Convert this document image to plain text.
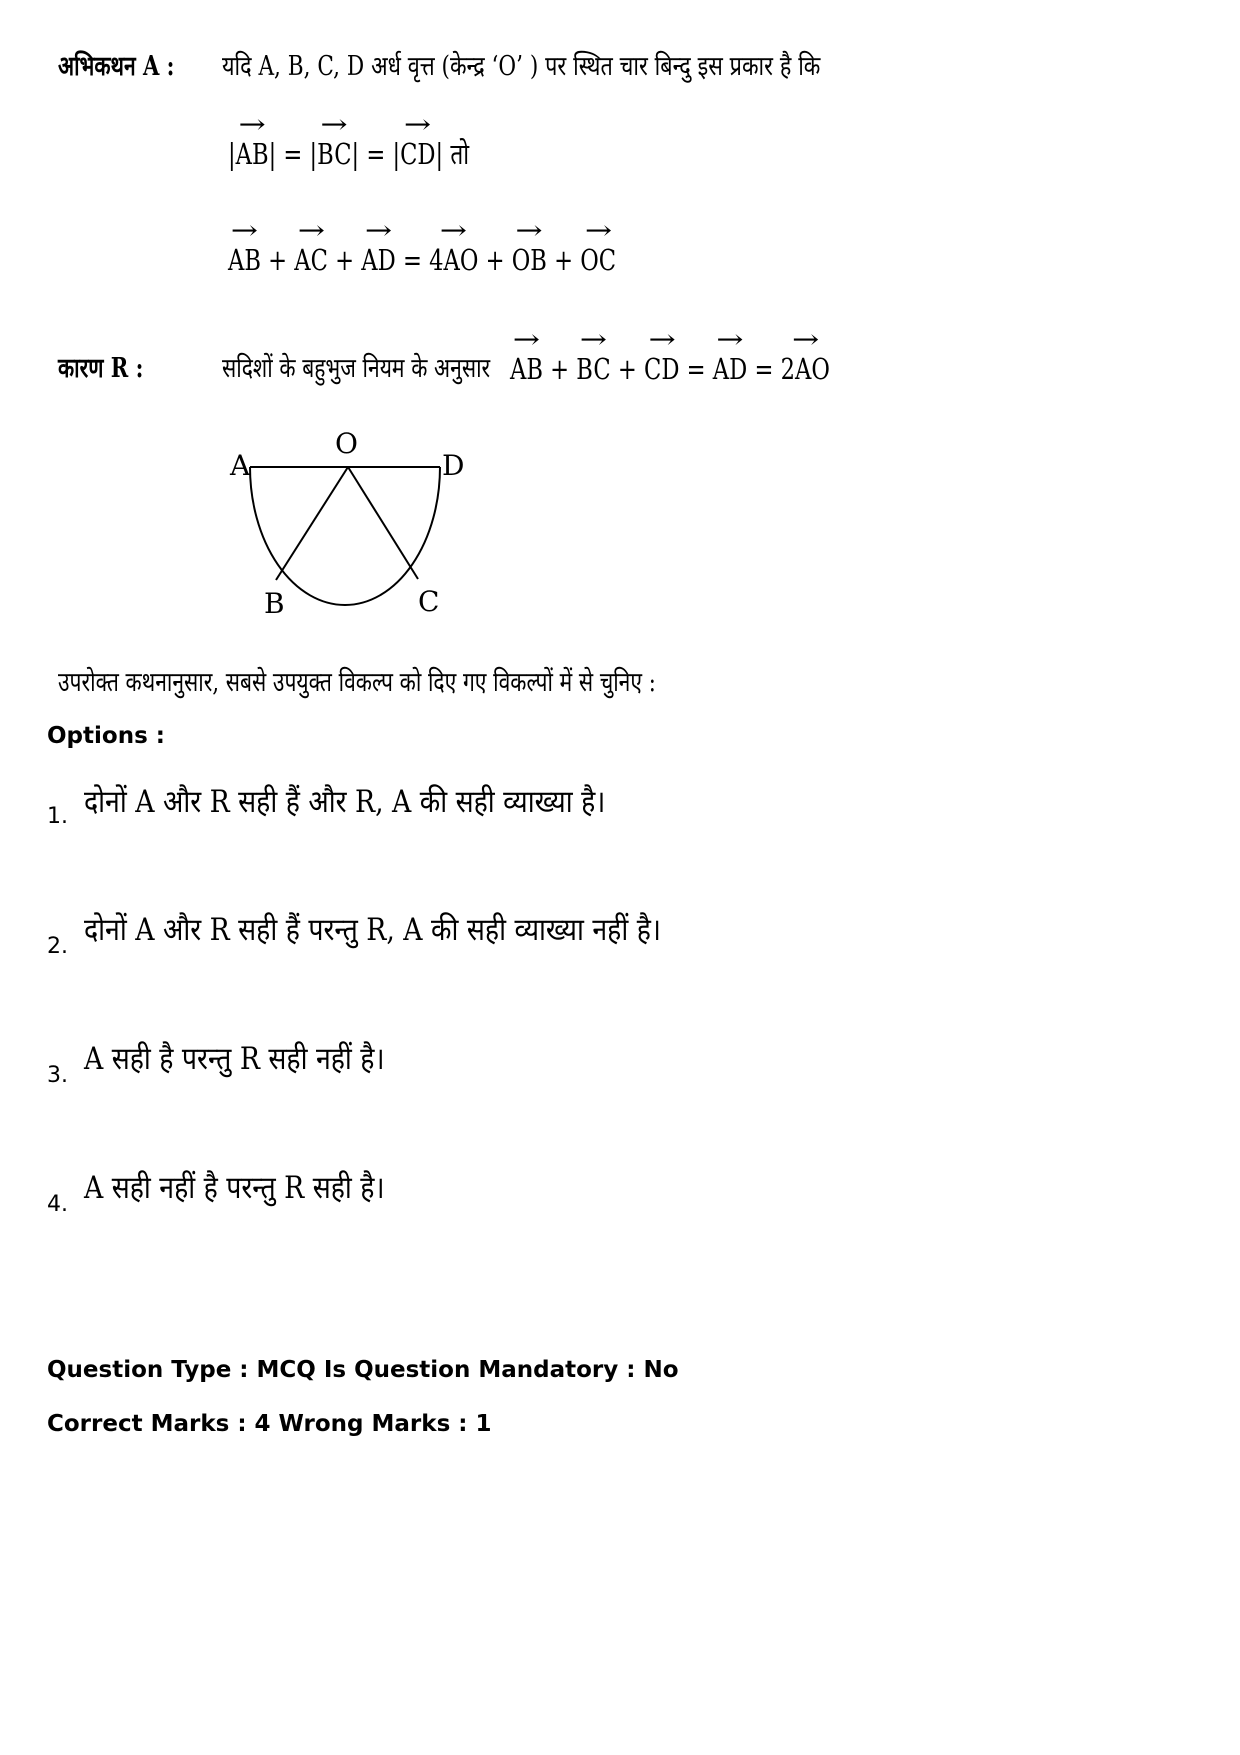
अभिकथन A :	यदि A, B, C, D अर्ध वृत्त (केन्द्र ‘O’ ) पर स्थित चार बिन्दु इस प्रकार है कि
→ |AB| = → |BC| = → |CD| तो
→ AB + → AC + → AD = → 4AO + → OB + → OC
कारण R :	सदिशों के बहुभुज नियम के अनुसार → AB + → BC + → CD = → AD = → 2AO
A
O
D
B	C
उपरोक्त कथनानुसार, सबसे उपयुक्त विकल्प को दिए गए विकल्पों में से चुनिए :
Options :
1. दोनों A और R सही हैं और R, A की सही व्याख्या है।
2. दोनों A और R सही हैं परन्तु R, A की सही व्याख्या नहीं है।
3. A सही है परन्तु R सही नहीं है।
4. A सही नहीं है परन्तु R सही है।
Question Type : MCQ Is Question Mandatory : No
Correct Marks : 4 Wrong Marks : 1
